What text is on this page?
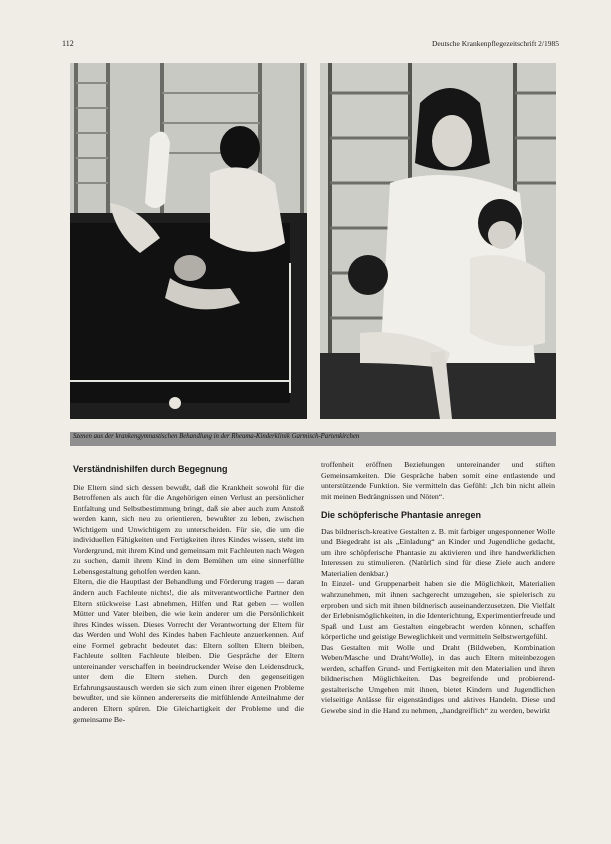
112	Deutsche Krankenpflegezeitschrift 2/1985
Szenen aus der krankengymnastischen Behandlung in der Rheuma-Kinderklinik Garmisch-Partenkirchen
Verständnishilfen durch Begegnung

Die Eltern sind sich dessen bewußt, daß die Krankheit sowohl für die Betroffenen als auch für die Angehörigen einen Verlust an persönlicher Entfaltung und Selbstbestimmung bringt, daß sie aber auch zum Anstoß werden kann, sich neu zu orientieren, bewußter zu leben, zwischen Wichtigem und Unwichtigem zu unterscheiden. Für sie, die um die individuellen Fähigkeiten und Fertigkeiten ihres Kindes wissen, steht im Vordergrund, mit ihrem Kind und gemeinsam mit Fachleuten nach Wegen zu suchen, damit ihrem Kind in dem Bemühen um eine sinnerfüllte Lebensgestaltung geholfen werden kann.

Eltern, die die Hauptlast der Behandlung und Förderung tragen — daran ändern auch Fachleute nichts!, die als mitverantwortliche Partner den Eltern stückweise Last abnehmen, Hilfen und Rat geben — wollen Mütter und Vater bleiben, die wie kein anderer um die Persönlichkeit ihres Kindes wissen. Dieses Vorrecht der Verantwortung der Eltern für das Werden und Wohl des Kindes haben Fachleute anzuerkennen. Auf eine Formel gebracht bedeutet das: Eltern sollten Eltern bleiben, Fachleute sollten Fachleute bleiben. Die Gespräche der Eltern untereinander verschaffen in beeindruckender Weise den Leidensdruck, unter dem die Eltern stehen. Durch den gegenseitigen Erfahrungsaustausch werden sie sich zum einen ihrer eigenen Probleme bewußter, und sie können andererseits die mitfühlende Anteilnahme der anderen Eltern spüren. Die Gleichartigkeit der Probleme und die gemeinsame Be-

troffenheit eröffnen Beziehungen untereinander und stiften Gemeinsamkeiten. Die Gespräche haben somit eine entlastende und unterstützende Funktion. Sie vermitteln das Gefühl: „Ich bin nicht allein mit meinen Bedrängnissen und Nöten“.

Die schöpferische Phantasie anregen

Das bildnerisch-kreative Gestalten z. B. mit farbiger ungesponnener Wolle und Biegedraht ist als „Einladung“ an Kinder und Jugendliche gedacht, um ihre schöpferische Phantasie zu aktivieren und ihre handwerklichen Interessen zu stimulieren. (Natürlich sind für diese Ziele auch andere Materialien denkbar.)

In Einzel- und Gruppenarbeit haben sie die Möglichkeit, Materialien wahrzunehmen, mit ihnen sachgerecht umzugehen, sie spielerisch zu erproben und sich mit ihnen bildnerisch auseinanderzusetzen. Die Vielfalt der Erlebnismöglichkeiten, in die Identerichtung, Experimentierfreude und Spaß und Lust am Gestalten eingebracht werden können, schaffen körperliche und geistige Beweglichkeit und vermitteln Selbstwertgefühl.

Das Gestalten mit Wolle und Draht (Bildweben, Kombination Weben/Masche und Draht/Wolle), in das auch Eltern miteinbezogen werden, schaffen Grund- und Fertigkeiten mit den Materialien und ihren bildnerischen Möglichkeiten. Das begreifende und probierend-gestalterische Umgehen mit ihnen, bietet Kindern und Jugendlichen vielseitige Anlässe für eigenständiges und aktives Handeln. Diese und Gewebe sind in die Hand zu nehmen, „handgreiflich“ zu werden, bewirkt
